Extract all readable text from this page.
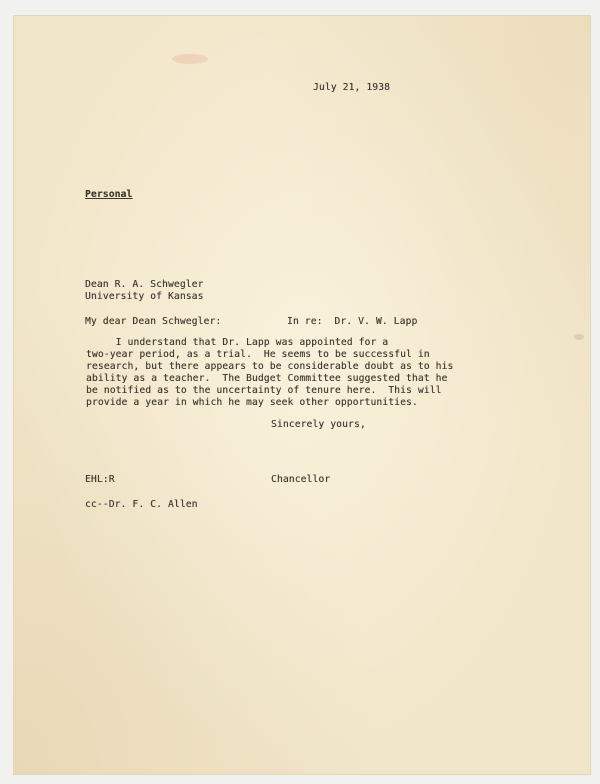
July 21, 1938
Personal
Dean R. A. Schwegler
University of Kansas
My dear Dean Schwegler:	In re:  Dr. V. W. Lapp
I understand that Dr. Lapp was appointed for a
two-year period, as a trial.  He seems to be successful in
research, but there appears to be considerable doubt as to his
ability as a teacher.  The Budget Committee suggested that he
be notified as to the uncertainty of tenure here.  This will
provide a year in which he may seek other opportunities.
Sincerely yours,
EHL:R	Chancellor
cc--Dr. F. C. Allen
